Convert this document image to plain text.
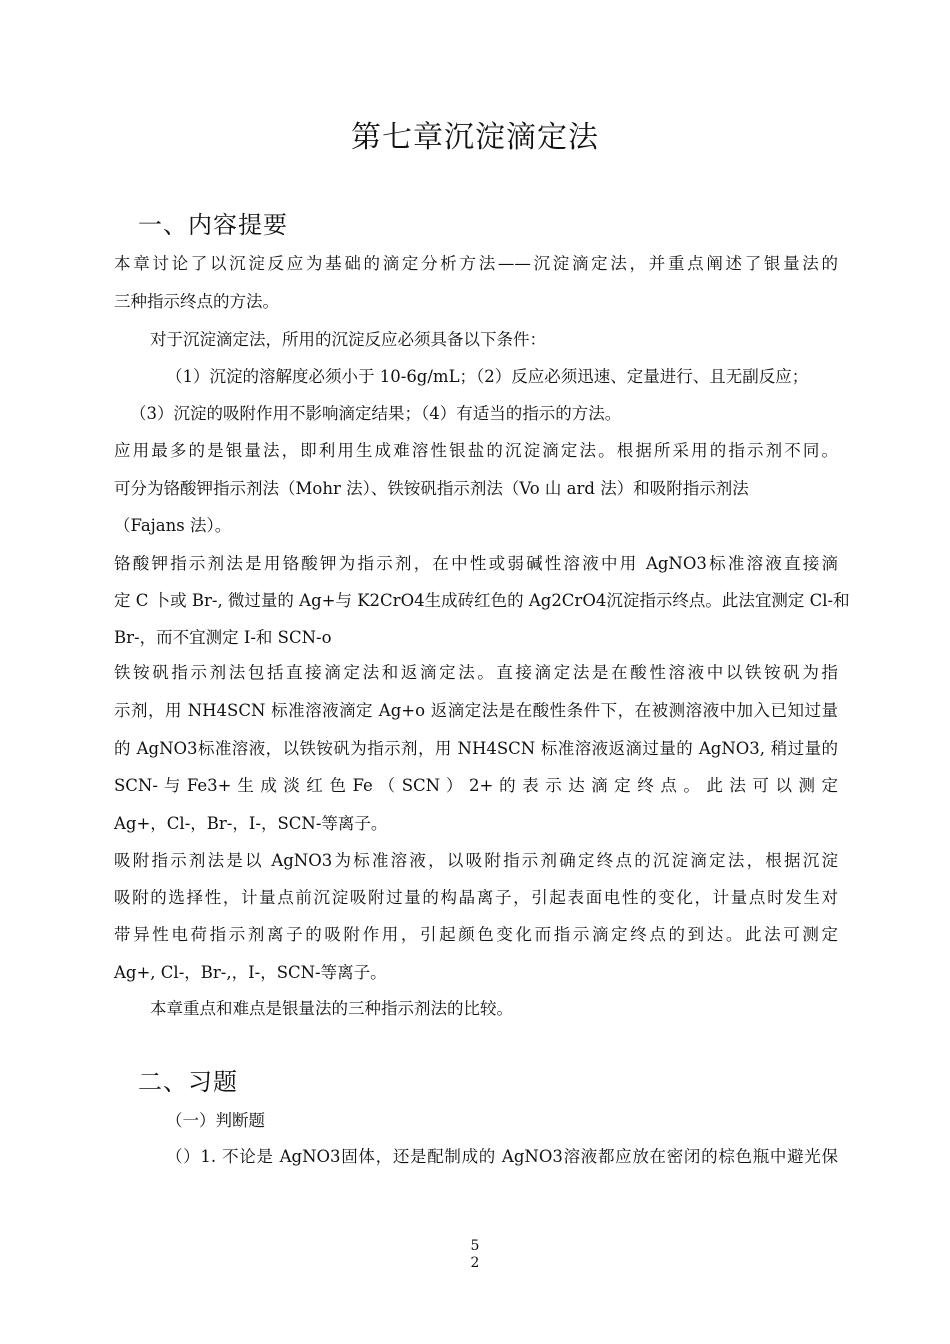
第七章沉淀滴定法
一、内容提要
本章讨论了以沉淀反应为基础的滴定分析方法——沉淀滴定法，并重点阐述了银量法的
三种指示终点的方法。
对于沉淀滴定法，所用的沉淀反应必须具备以下条件：
（1）沉淀的溶解度必须小于 10-6g/mL；（2）反应必须迅速、定量进行、且无副反应；
（3）沉淀的吸附作用不影响滴定结果；（4）有适当的指示的方法。
应用最多的是银量法，即利用生成难溶性银盐的沉淀滴定法。根据所采用的指示剂不同。
可分为铬酸钾指示剂法（Mohr 法）、铁铵矾指示剂法（Vo 山 ard 法）和吸附指示剂法
（Fajans 法）。
铬酸钾指示剂法是用铬酸钾为指示剂，在中性或弱碱性溶液中用 AgNO3标准溶液直接滴
定 C 卜或 Br-, 微过量的 Ag+与 K2CrO4生成砖红色的 Ag2CrO4沉淀指示终点。此法宜测定 Cl-和
Br-，而不宜测定 I-和 SCN-o
铁铵矾指示剂法包括直接滴定法和返滴定法。直接滴定法是在酸性溶液中以铁铵矾为指
示剂，用 NH4SCN 标准溶液滴定 Ag+o 返滴定法是在酸性条件下，在被测溶液中加入已知过量
的 AgNO3标准溶液，以铁铵矾为指示剂，用 NH4SCN 标准溶液返滴过量的 AgNO3, 稍过量的
SCN- 与 Fe3+ 生 成 淡 红 色 Fe （ SCN ） 2+ 的 表 示 达 滴 定 终 点 。 此 法 可 以 测 定
Ag+，Cl-，Br-，I-，SCN-等离子。
吸附指示剂法是以 AgNO3为标准溶液，以吸附指示剂确定终点的沉淀滴定法，根据沉淀
吸附的选择性，计量点前沉淀吸附过量的构晶离子，引起表面电性的变化，计量点时发生对
带异性电荷指示剂离子的吸附作用，引起颜色变化而指示滴定终点的到达。此法可测定
Ag+, Cl-，Br-,，I-，SCN-等离子。
本章重点和难点是银量法的三种指示剂法的比较。
二、习题
（一）判断题
（）1. 不论是 AgNO3固体，还是配制成的 AgNO3溶液都应放在密闭的棕色瓶中避光保
5
2
